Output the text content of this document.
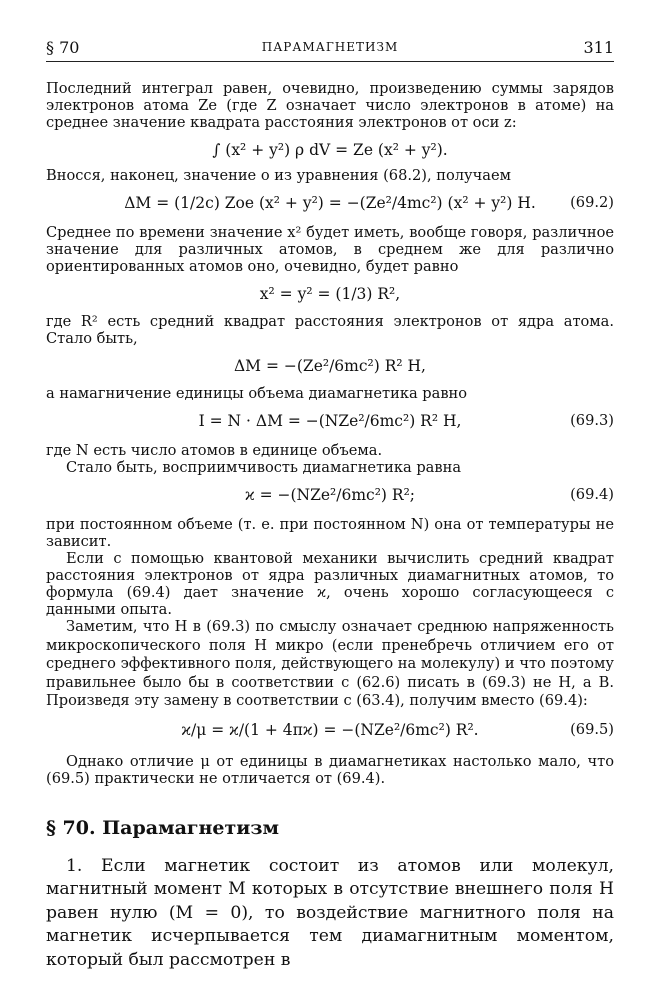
§ 70	ПАРАМАГНЕТИЗМ	311

Последний интеграл равен, очевидно, произведению суммы зарядов электронов атома Ze (где Z означает число электронов в атоме) на среднее значение квадрата расстояния электронов от оси z:

∫ (x² + y²) ρ dV = Ze (x² + y²).

Вносся, наконец, значение o из уравнения (68.2), получаем

ΔM = (1/2c) Zoe (x² + y²) = −(Ze²/4mc²) (x² + y²) H.	(69.2)

Среднее по времени значение x² будет иметь, вообще говоря, различное значение для различных атомов, в среднем же для различно ориентированных атомов оно, очевидно, будет равно

x² = y² = (1/3) R²,

где R² есть средний квадрат расстояния электронов от ядра атома. Стало быть,

ΔM = −(Ze²/6mc²) R² H,

а намагничение единицы объема диамагнетика равно

I = N · ΔM = −(NZe²/6mc²) R² H,	(69.3)

где N есть число атомов в единице объема.

Стало быть, восприимчивость диамагнетика равна

ϰ = −(NZe²/6mc²) R²;	(69.4)

при постоянном объеме (т. е. при постоянном N) она от температуры не зависит.

Если с помощью квантовой механики вычислить средний квадрат расстояния электронов от ядра различных диамагнитных атомов, то формула (69.4) дает значение ϰ, очень хорошо согласующееся с данными опыта.

Заметим, что H в (69.3) по смыслу означает среднюю напряженность микроскопического поля H микро (если пренебречь отличием его от среднего эффективного поля, действующего на молекулу) и что поэтому правильнее было бы в соответствии с (62.6) писать в (69.3) не H, а B. Произведя эту замену в соответствии с (63.4), получим вместо (69.4):

ϰ/μ = ϰ/(1 + 4πϰ) = −(NZe²/6mc²) R².	(69.5)

Однако отличие μ от единицы в диамагнетиках настолько мало, что (69.5) практически не отличается от (69.4).

§ 70. Парамагнетизм

1. Если магнетик состоит из атомов или молекул, магнитный момент M которых в отсутствие внешнего поля H равен нулю (M = 0), то воздействие магнитного поля на магнетик исчерпывается тем диамагнитным моментом, который был рассмотрен в
